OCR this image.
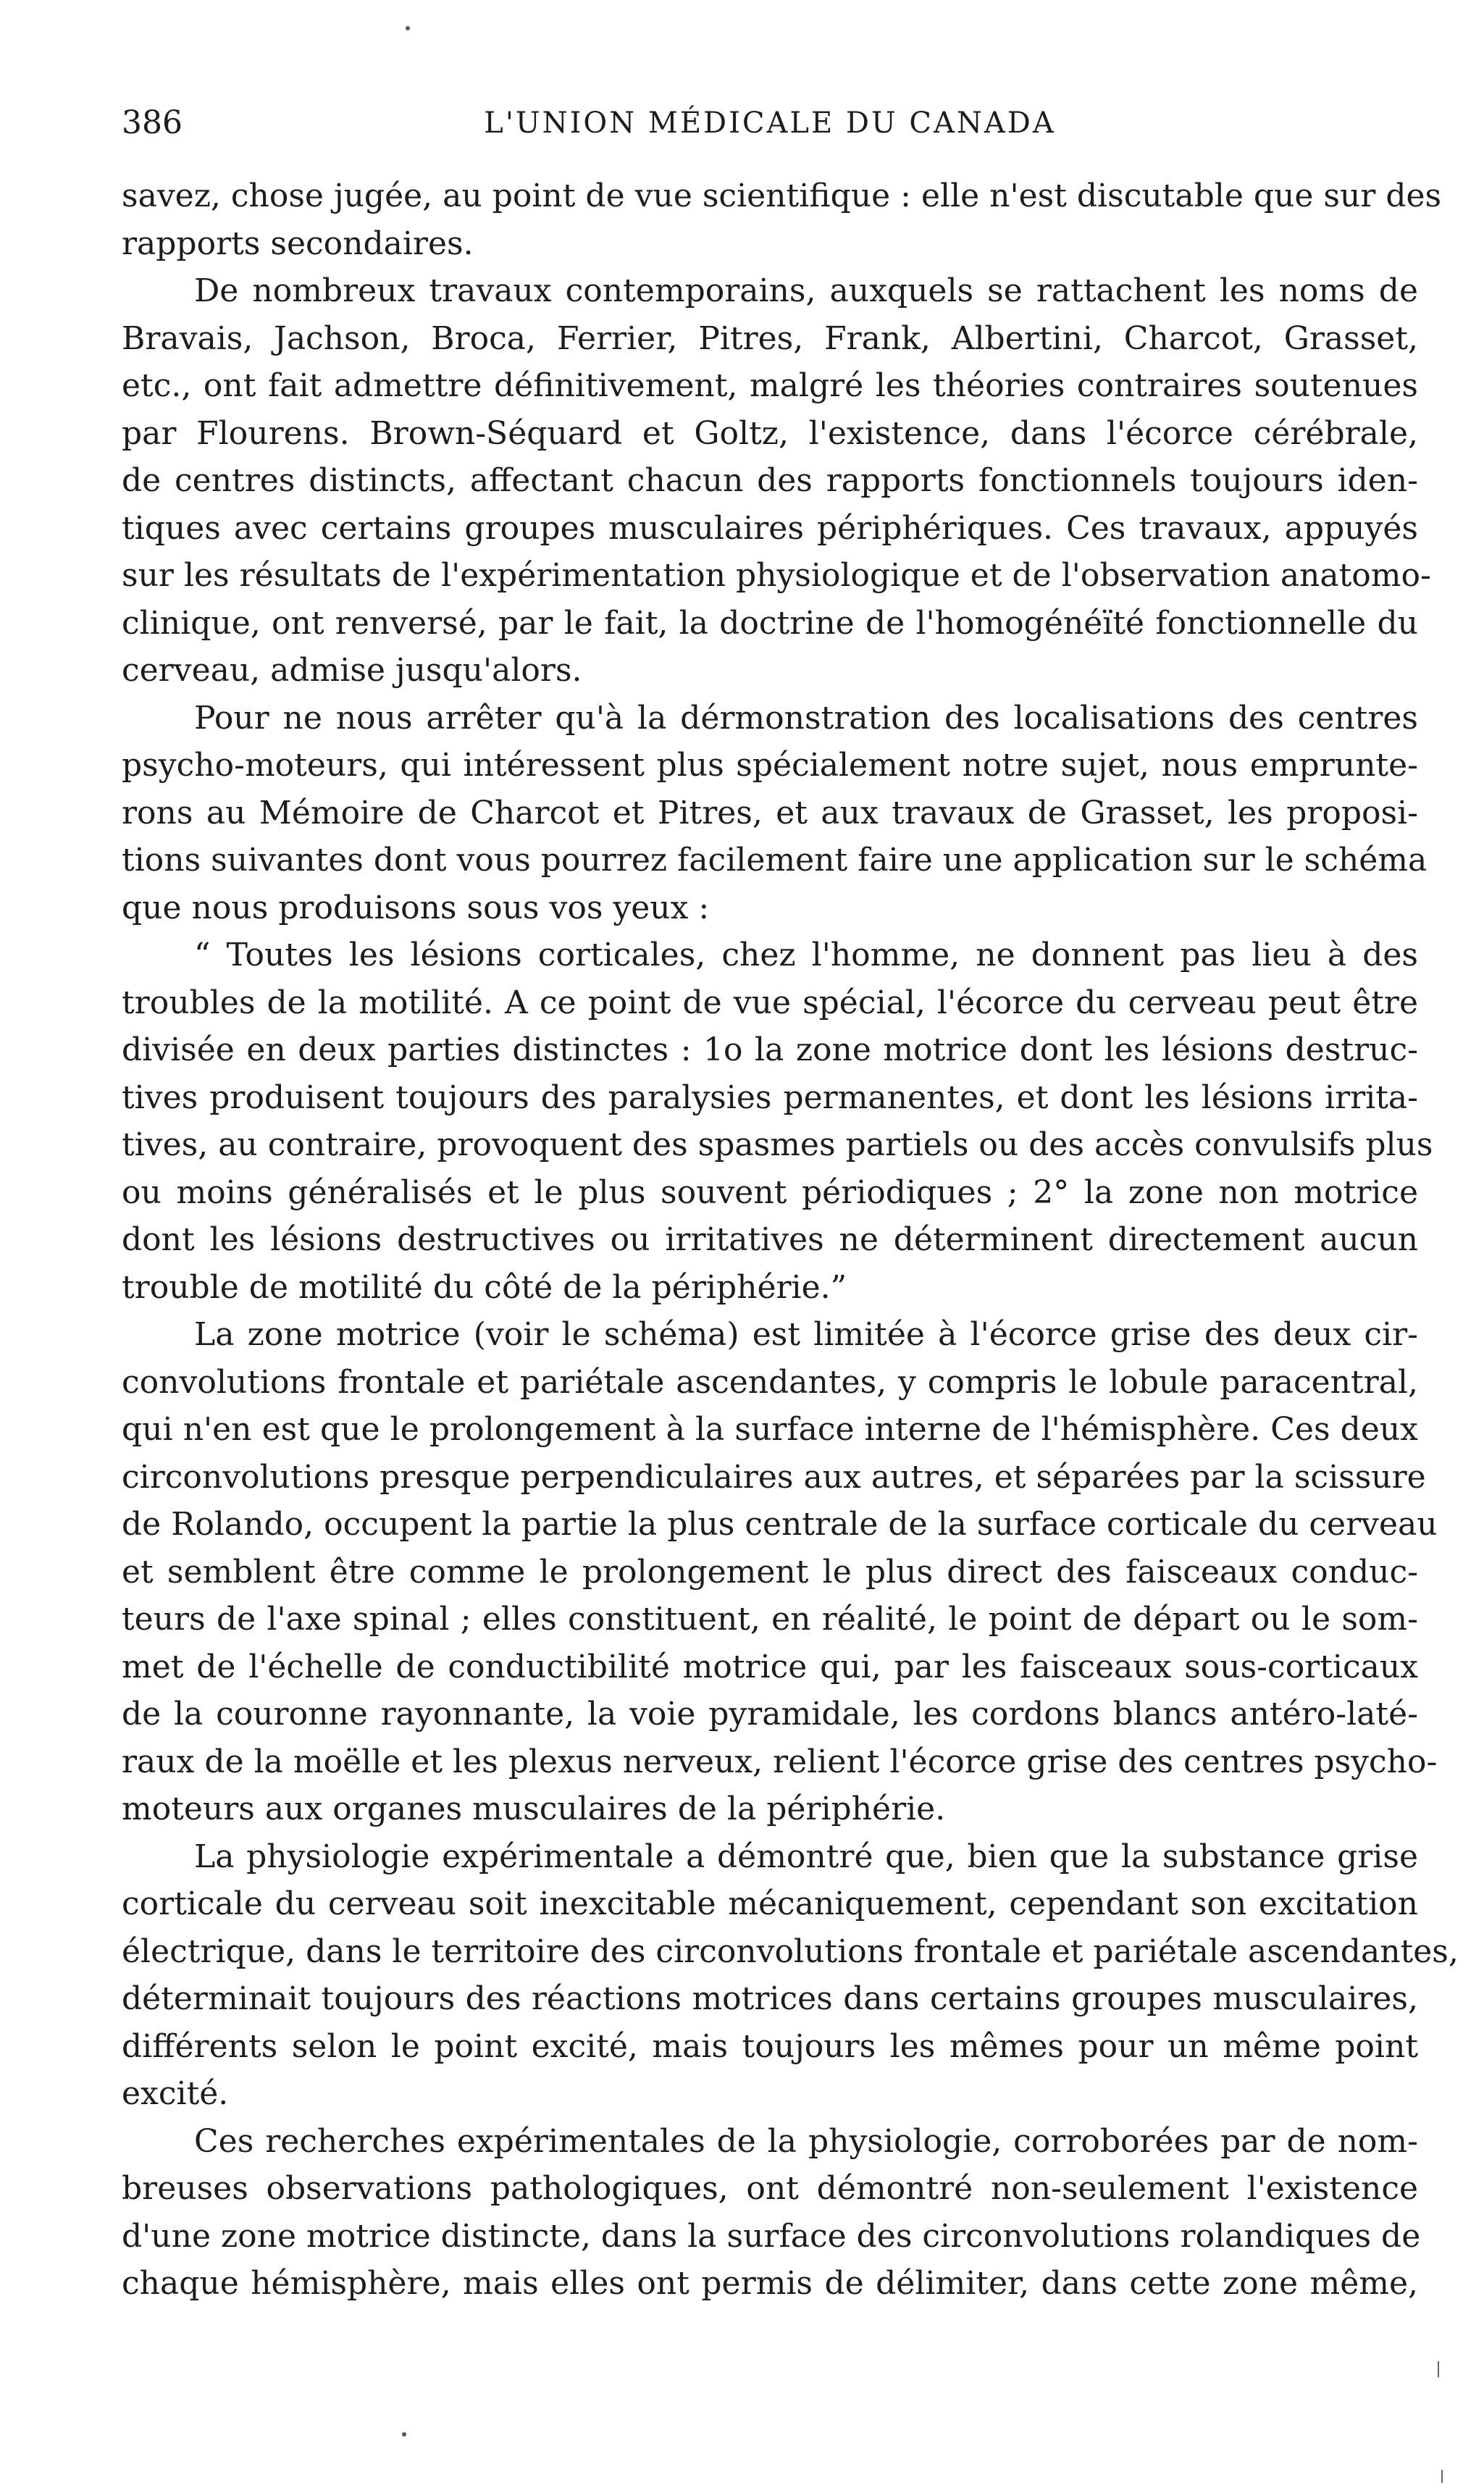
386	L'UNION MÉDICALE DU CANADA
savez, chose jugée, au point de vue scientifique : elle n'est discutable que sur des
rapports secondaires.
De nombreux travaux contemporains, auxquels se rattachent les noms de
Bravais, Jachson, Broca, Ferrier, Pitres, Frank, Albertini, Charcot, Grasset,
etc., ont fait admettre définitivement, malgré les théories contraires soutenues
par Flourens. Brown-Séquard et Goltz, l'existence, dans l'écorce cérébrale,
de centres distincts, affectant chacun des rapports fonctionnels toujours iden-
tiques avec certains groupes musculaires périphériques. Ces travaux, appuyés
sur les résultats de l'expérimentation physiologique et de l'observation anatomo-
clinique, ont renversé, par le fait, la doctrine de l'homogénéïté fonctionnelle du
cerveau, admise jusqu'alors.
Pour ne nous arrêter qu'à la dérmonstration des localisations des centres
psycho-moteurs, qui intéressent plus spécialement notre sujet, nous emprunte-
rons au Mémoire de Charcot et Pitres, et aux travaux de Grasset, les proposi-
tions suivantes dont vous pourrez facilement faire une application sur le schéma
que nous produisons sous vos yeux :
“ Toutes les lésions corticales, chez l'homme, ne donnent pas lieu à des
troubles de la motilité. A ce point de vue spécial, l'écorce du cerveau peut être
divisée en deux parties distinctes : 1o la zone motrice dont les lésions destruc-
tives produisent toujours des paralysies permanentes, et dont les lésions irrita-
tives, au contraire, provoquent des spasmes partiels ou des accès convulsifs plus
ou moins généralisés et le plus souvent périodiques ; 2° la zone non motrice
dont les lésions destructives ou irritatives ne déterminent directement aucun
trouble de motilité du côté de la périphérie.”
La zone motrice (voir le schéma) est limitée à l'écorce grise des deux cir-
convolutions frontale et pariétale ascendantes, y compris le lobule paracentral,
qui n'en est que le prolongement à la surface interne de l'hémisphère. Ces deux
circonvolutions presque perpendiculaires aux autres, et séparées par la scissure
de Rolando, occupent la partie la plus centrale de la surface corticale du cerveau
et semblent être comme le prolongement le plus direct des faisceaux conduc-
teurs de l'axe spinal ; elles constituent, en réalité, le point de départ ou le som-
met de l'échelle de conductibilité motrice qui, par les faisceaux sous-corticaux
de la couronne rayonnante, la voie pyramidale, les cordons blancs antéro-laté-
raux de la moëlle et les plexus nerveux, relient l'écorce grise des centres psycho-
moteurs aux organes musculaires de la périphérie.
La physiologie expérimentale a démontré que, bien que la substance grise
corticale du cerveau soit inexcitable mécaniquement, cependant son excitation
électrique, dans le territoire des circonvolutions frontale et pariétale ascendantes,
déterminait toujours des réactions motrices dans certains groupes musculaires,
différents selon le point excité, mais toujours les mêmes pour un même point
excité.
Ces recherches expérimentales de la physiologie, corroborées par de nom-
breuses observations pathologiques, ont démontré non-seulement l'existence
d'une zone motrice distincte, dans la surface des circonvolutions rolandiques de
chaque hémisphère, mais elles ont permis de délimiter, dans cette zone même,
